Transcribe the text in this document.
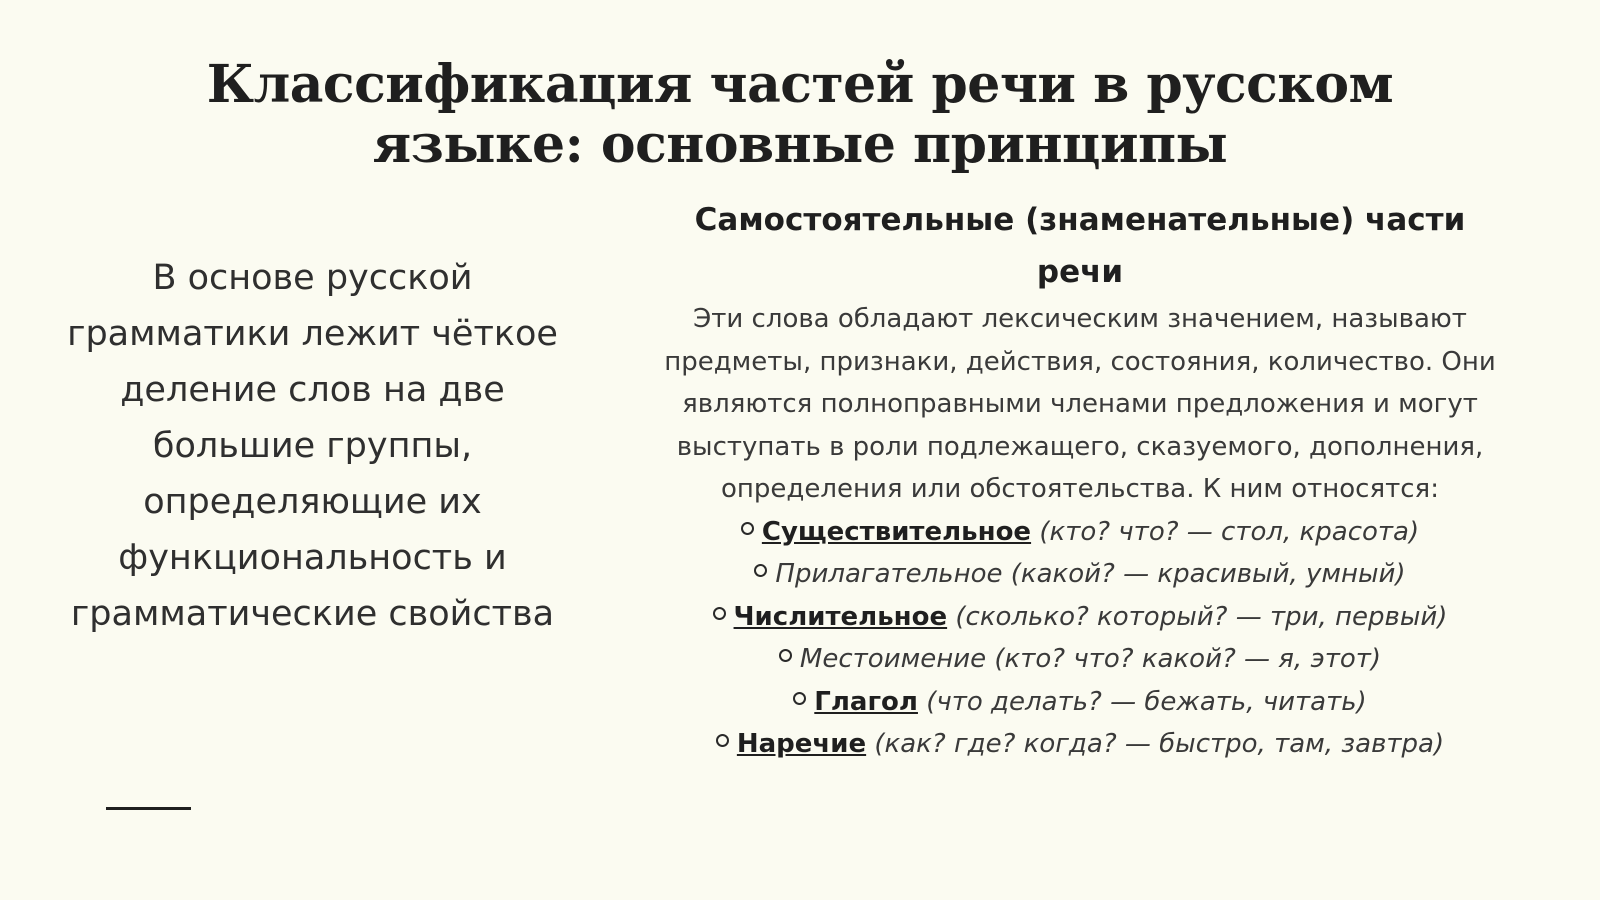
Классификация частей речи в русском
языке: основные принципы

В основе русской грамматики лежит чёткое деление слов на две большие группы, определяющие их функциональность и грамматические свойства

Самостоятельные (знаменательные) части речи

Эти слова обладают лексическим значением, называют предметы, признаки, действия, состояния, количество. Они являются полноправными членами предложения и могут выступать в роли подлежащего, сказуемого, дополнения, определения или обстоятельства. К ним относятся:

Существительное (кто? что? — стол, красота)
Прилагательное (какой? — красивый, умный)
Числительное (сколько? который? — три, первый)
Местоимение (кто? что? какой? — я, этот)
Глагол (что делать? — бежать, читать)
Наречие (как? где? когда? — быстро, там, завтра)
